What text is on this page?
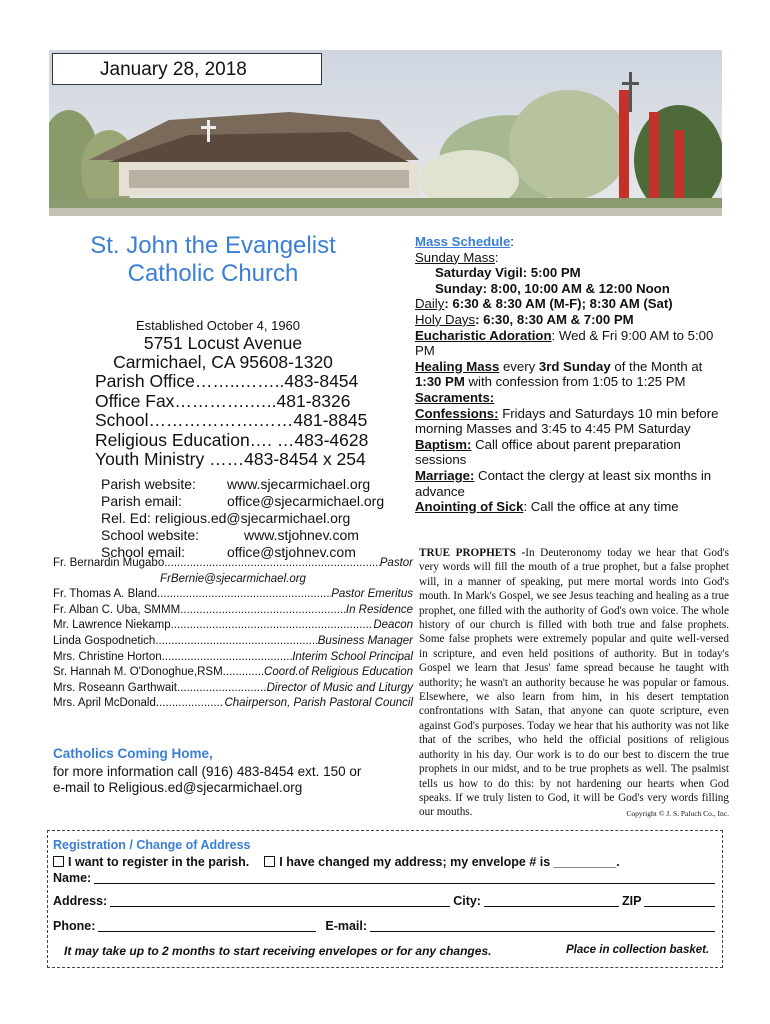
January 28, 2018
St. John the Evangelist
Catholic Church
Established October 4, 1960
5751 Locust Avenue
Carmichael, CA 95608-1320
Parish Office……..……..483-8454
Office Fax………….…..481-8326
School……………….……481-8845
Religious Education…. …483-4628
Youth Ministry ……483-8454 x 254
Parish website: www.sjecarmichael.org
Parish email:	office@sjecarmichael.org
Rel. Ed: religious.ed@sjecarmichael.org
School website:	www.stjohnev.com
School email:	office@stjohnev.com
Fr. Bernardin Mugabo .....	Pastor
FrBernie@sjecarmichael.org
Fr. Thomas A. Bland .....	Pastor Emeritus
Fr. Alban C. Uba, SMMM .....	In Residence
Mr. Lawrence Niekamp .....	Deacon
Linda Gospodnetich .....	Business Manager
Mrs. Christine Horton .....	Interim School Principal
Sr. Hannah M. O'Donoghue,RSM. .....	Coord.of Religious Education
Mrs. Roseann Garthwait .....	Director of Music and Liturgy
Mrs. April McDonald .....	Chairperson, Parish Pastoral Council
Catholics Coming Home,
for more information call (916) 483-8454 ext. 150 or
e-mail to Religious.ed@sjecarmichael.org
Mass Schedule:
Sunday Mass:
Saturday Vigil: 5:00 PM
Sunday: 8:00, 10:00 AM & 12:00 Noon
Daily: 6:30 & 8:30 AM (M-F); 8:30 AM (Sat)
Holy Days: 6:30, 8:30 AM & 7:00 PM
Eucharistic Adoration: Wed & Fri 9:00 AM to 5:00 PM
Healing Mass every 3rd Sunday of the Month at 1:30 PM with confession from 1:05 to 1:25 PM
Sacraments:
Confessions: Fridays and Saturdays 10 min before morning Masses and 3:45 to 4:45 PM Saturday
Baptism: Call office about parent preparation sessions
Marriage: Contact the clergy at least six months in advance
Anointing of Sick: Call the office at any time
TRUE PROPHETS -In Deuteronomy today we hear that God's very words will fill the mouth of a true prophet, but a false prophet will, in a manner of speaking, put mere mortal words into God's mouth. In Mark's Gospel, we see Jesus teaching and healing as a true prophet, one filled with the authority of God's own voice. The whole history of our church is filled with both true and false prophets. Some false prophets were extremely popular and quite well-versed in scripture, and even held positions of authority. But in today's Gospel we learn that Jesus' fame spread because he taught with authority; he wasn't an authority because he was popular or famous. Elsewhere, we also learn from him, in his desert temptation confrontations with Satan, that anyone can quote scripture, even against God's purposes. Today we hear that his authority was not like that of the scribes, who held the official positions of religious authority in his day. Our work is to do our best to discern the true prophets in our midst, and to be true prophets as well. The psalmist tells us how to do this: by not hardening our hearts when God speaks. If we truly listen to God, it will be God's very words filling our mouths.	Copyright © J. S. Paluch Co., Inc.
Registration / Change of Address
I want to register in the parish. I have changed my address; my envelope # is _________.
Name:
Address:	City:	ZIP
Phone:	E-mail:
It may take up to 2 months to start receiving envelopes or for any changes.	Place in collection basket.
